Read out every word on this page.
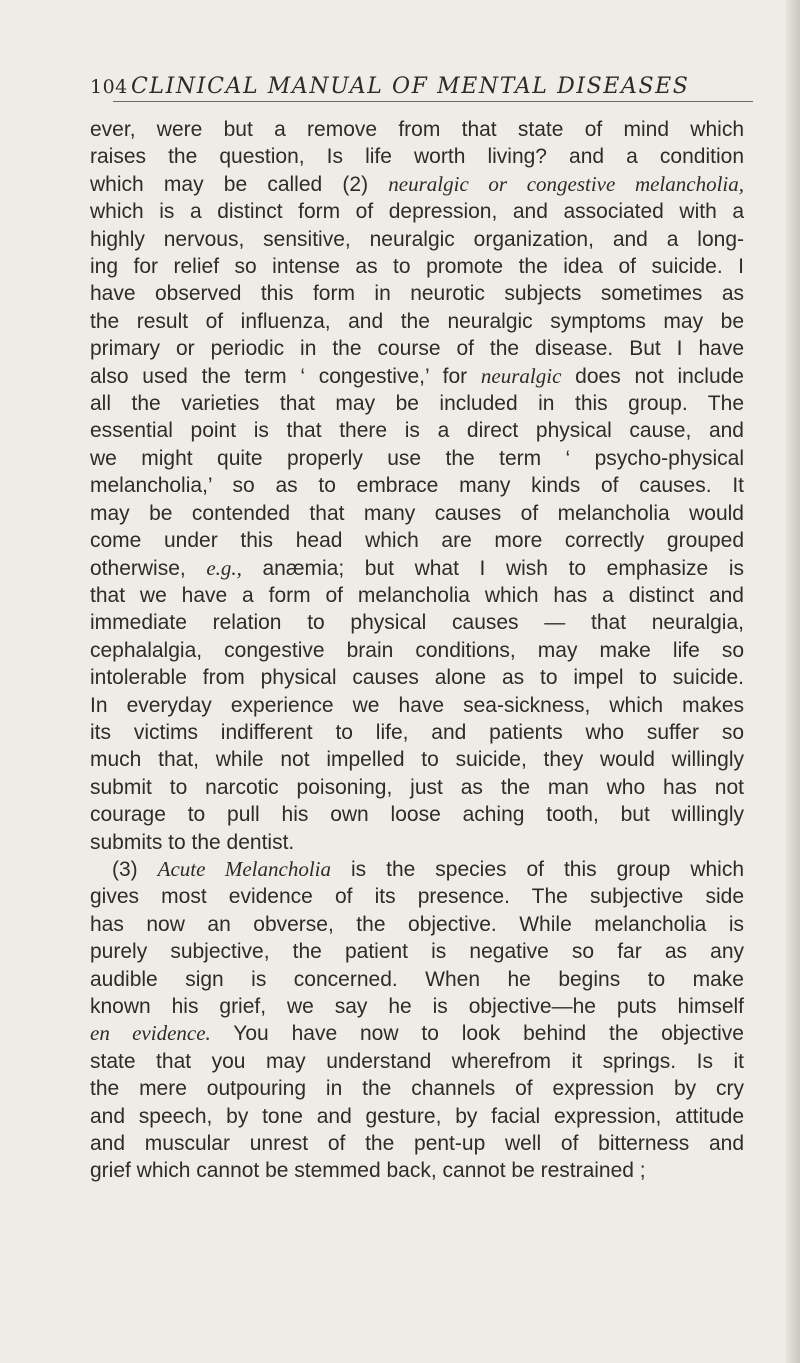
104 CLINICAL MANUAL OF MENTAL DISEASES
ever, were but a remove from that state of mind which
raises the question, Is life worth living? and a condition
which may be called (2) neuralgic or congestive melancholia,
which is a distinct form of depression, and associated with a
highly nervous, sensitive, neuralgic organization, and a long-
ing for relief so intense as to promote the idea of suicide. I
have observed this form in neurotic subjects sometimes as
the result of influenza, and the neuralgic symptoms may be
primary or periodic in the course of the disease. But I have
also used the term ‘ congestive,’ for neuralgic does not include
all the varieties that may be included in this group. The
essential point is that there is a direct physical cause, and
we might quite properly use the term ‘ psycho-physical
melancholia,’ so as to embrace many kinds of causes. It
may be contended that many causes of melancholia would
come under this head which are more correctly grouped
otherwise, e.g., anæmia; but what I wish to emphasize is
that we have a form of melancholia which has a distinct and
immediate relation to physical causes — that neuralgia,
cephalalgia, congestive brain conditions, may make life so
intolerable from physical causes alone as to impel to suicide.
In everyday experience we have sea-sickness, which makes
its victims indifferent to life, and patients who suffer so
much that, while not impelled to suicide, they would willingly
submit to narcotic poisoning, just as the man who has not
courage to pull his own loose aching tooth, but willingly
submits to the dentist.
(3) Acute Melancholia is the species of this group which
gives most evidence of its presence. The subjective side
has now an obverse, the objective. While melancholia is
purely subjective, the patient is negative so far as any
audible sign is concerned. When he begins to make
known his grief, we say he is objective—he puts himself
en evidence. You have now to look behind the objective
state that you may understand wherefrom it springs. Is it
the mere outpouring in the channels of expression by cry
and speech, by tone and gesture, by facial expression, attitude
and muscular unrest of the pent-up well of bitterness and
grief which cannot be stemmed back, cannot be restrained ;
